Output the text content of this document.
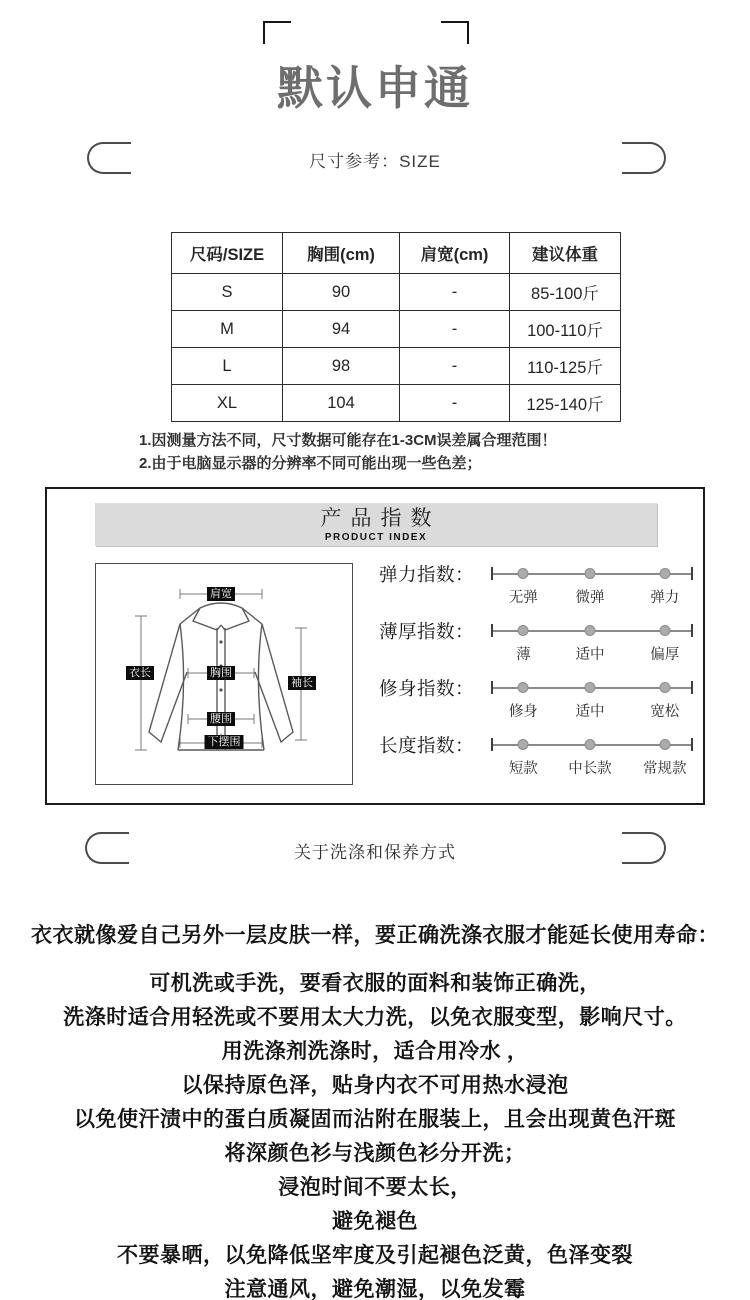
默认申通
尺寸参考：SIZE
尺码/SIZE	胸围(cm)	肩宽(cm)	建议体重
S	90	-	85-100斤
M	94	-	100-110斤
L	98	-	110-125斤
XL	104	-	125-140斤
1.因测量方法不同，尺寸数据可能存在1-3CM误差属合理范围！
2.由于电脑显示器的分辨率不同可能出现一些色差；
产品指数
PRODUCT INDEX
肩宽
衣长	胸围
袖长
腰围
下摆围
弹力指数：
无弹	微弹	弹力
薄厚指数：
薄	适中	偏厚
修身指数：
修身	适中	宽松
长度指数：
短款 中长款 常规款
关于洗涤和保养方式
衣衣就像爱自己另外一层皮肤一样，要正确洗涤衣服才能延长使用寿命：
可机洗或手洗，要看衣服的面料和装饰正确洗，
洗涤时适合用轻洗或不要用太大力洗，以免衣服变型，影响尺寸。
用洗涤剂洗涤时，适合用冷水 ，
以保持原色泽，贴身内衣不可用热水浸泡
以免使汗渍中的蛋白质凝固而沾附在服装上，且会出现黄色汗斑
将深颜色衫与浅颜色衫分开洗；
浸泡时间不要太长，
避免褪色
不要暴晒，以免降低坚牢度及引起褪色泛黄，色泽变裂
注意通风，避免潮湿，以免发霉
